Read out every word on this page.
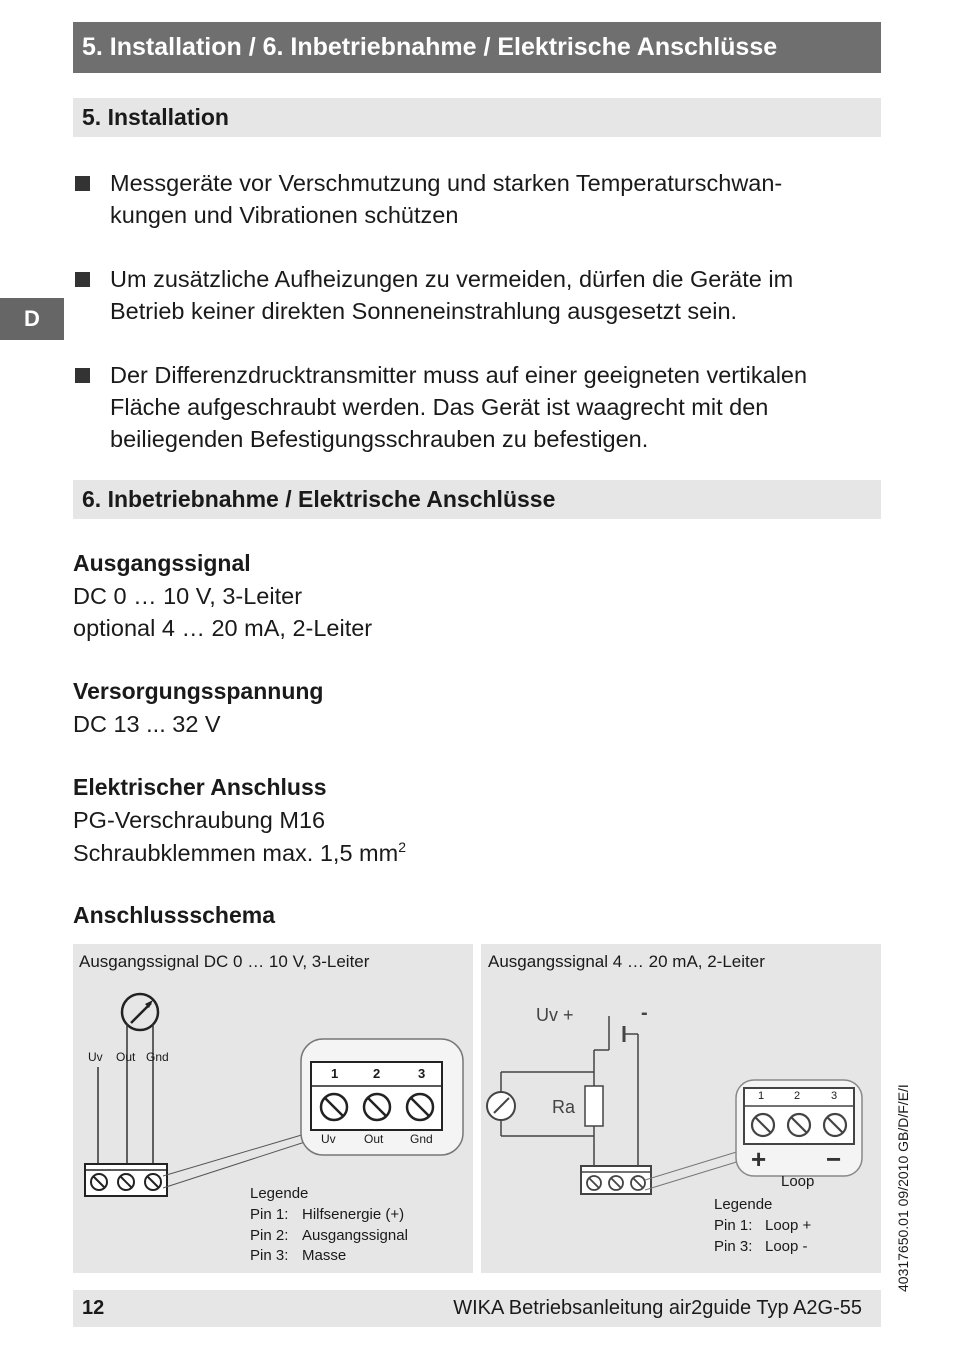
5. Installation / 6. Inbetriebnahme / Elektrische Anschlüsse
D
5. Installation
Messgeräte vor Verschmutzung und starken Temperaturschwan-
kungen und Vibrationen schützen
Um zusätzliche Aufheizungen zu vermeiden, dürfen die Geräte im
Betrieb keiner direkten Sonneneinstrahlung ausgesetzt sein.
Der Differenzdrucktransmitter muss auf einer geeigneten vertikalen
Fläche aufgeschraubt werden. Das Gerät ist waagrecht mit den
beiliegenden Befestigungsschrauben zu befestigen.
6. Inbetriebnahme / Elektrische Anschlüsse
Ausgangssignal
DC 0 … 10 V, 3-Leiter
optional 4 … 20 mA, 2-Leiter
Versorgungsspannung
DC 13 ... 32 V
Elektrischer Anschluss
PG-Verschraubung M16
Schraubklemmen max. 1,5 $mm^2$
Anschlussschema
Ausgangssignal DC 0 … 10 V, 3-Leiter
Uv Out Gnd
1	2	3
Uv Out Gnd
Legende
Pin 1: Hilfsenergie (+)
Pin 2: Ausgangssignal
Pin 3: Masse
Ausgangssignal 4 … 20 mA, 2-Leiter
Uv +	-
Ra
1	2	3
+ −
Loop
Legende
Pin 1: Loop +
Pin 3: Loop -	40317650.01 09/2010 GB/D/F/E/I
12	WIKA Betriebsanleitung air2guide Typ A2G-55
